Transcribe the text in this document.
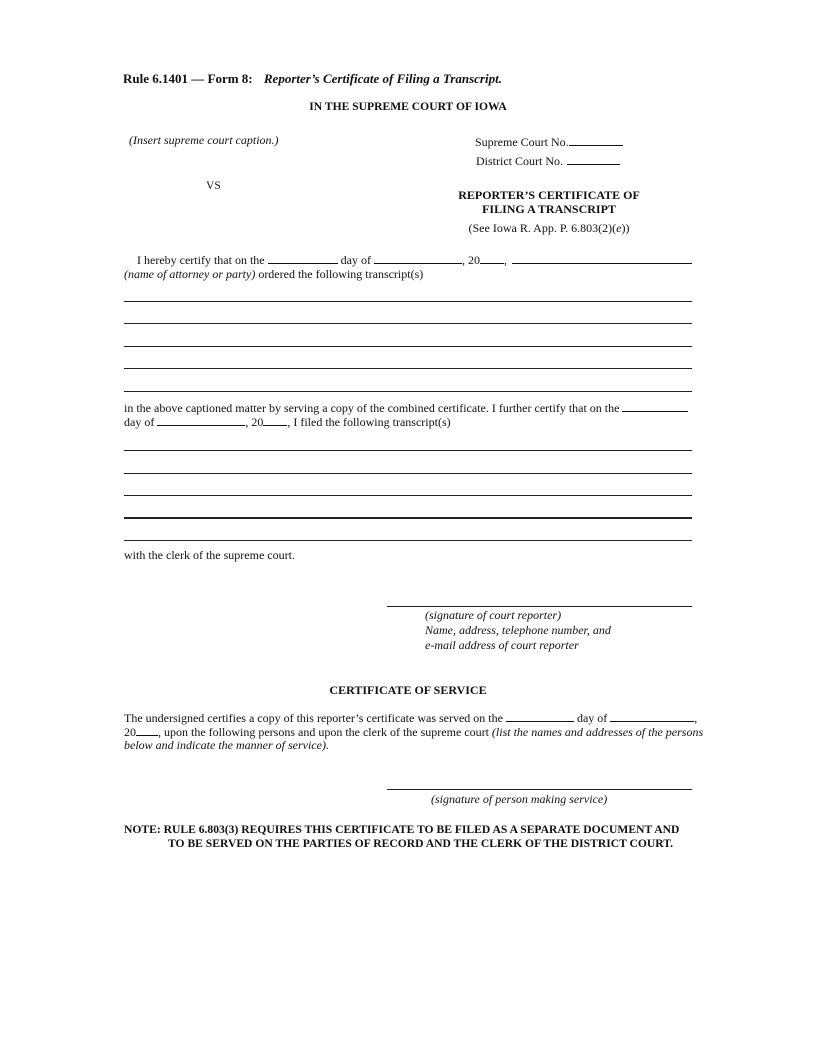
Rule 6.1401 — Form 8: Reporter’s Certificate of Filing a Transcript.
IN THE SUPREME COURT OF IOWA
(Insert supreme court caption.)	Supreme Court No.
District Court No.
VS
REPORTER’S CERTIFICATE OF
FILING A TRANSCRIPT
(See Iowa R. App. P. 6.803(2)(e))
I hereby certify that on the	day of	, 20 ,
(name of attorney or party) ordered the following transcript(s)
in the above captioned matter by serving a copy of the combined certificate. I further certify that on the
day of	, 20 , I filed the following transcript(s)
with the clerk of the supreme court.
(signature of court reporter)
Name, address, telephone number, and
e-mail address of court reporter
CERTIFICATE OF SERVICE
The undersigned certifies a copy of this reporter’s certificate was served on the	day of	,
20 , upon the following persons and upon the clerk of the supreme court (list the names and addresses of the persons
below and indicate the manner of service).
(signature of person making service)
NOTE: RULE 6.803(3) REQUIRES THIS CERTIFICATE TO BE FILED AS A SEPARATE DOCUMENT AND
TO BE SERVED ON THE PARTIES OF RECORD AND THE CLERK OF THE DISTRICT COURT.
